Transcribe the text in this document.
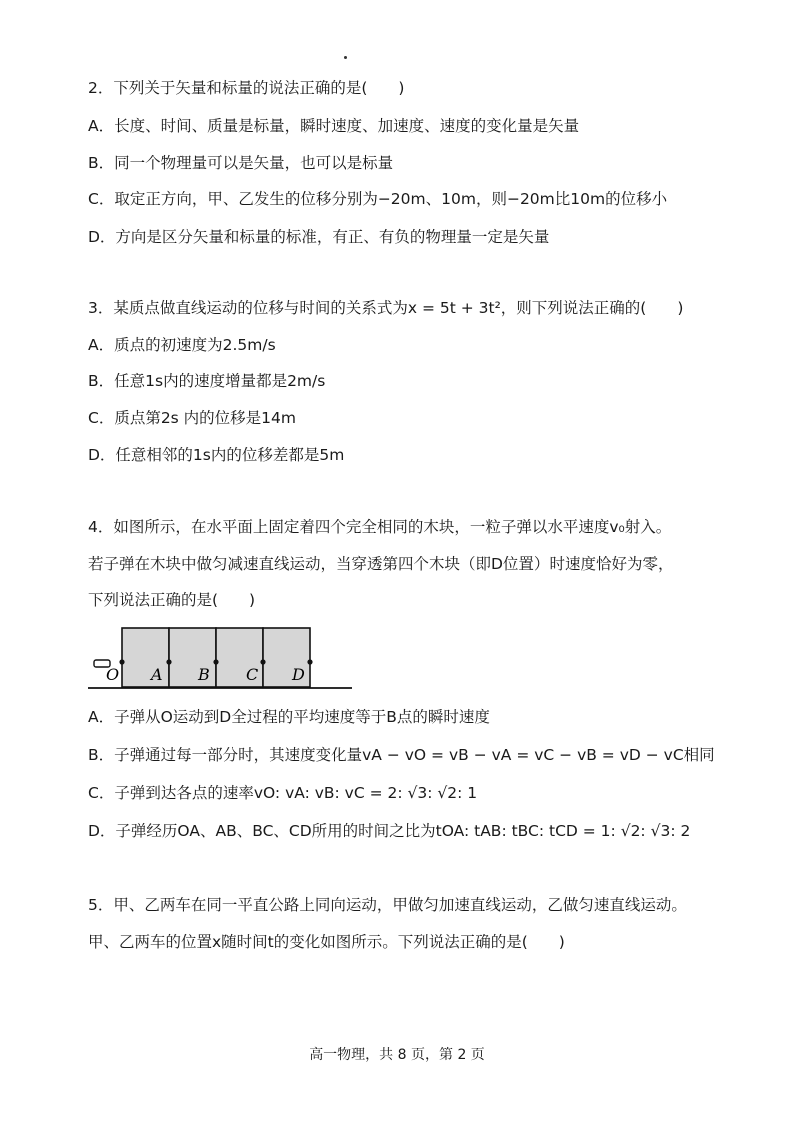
2．下列关于矢量和标量的说法正确的是(　　)
A．长度、时间、质量是标量，瞬时速度、加速度、速度的变化量是矢量
B．同一个物理量可以是矢量，也可以是标量
C．取定正方向，甲、乙发生的位移分别为−20m、10m，则−20m比10m的位移小
D．方向是区分矢量和标量的标准，有正、有负的物理量一定是矢量
3．某质点做直线运动的位移与时间的关系式为x = 5t + 3t²，则下列说法正确的(　　)
A．质点的初速度为2.5m/s
B．任意1s内的速度增量都是2m/s
C．质点第2s 内的位移是14m
D．任意相邻的1s内的位移差都是5m
4．如图所示，在水平面上固定着四个完全相同的木块，一粒子弹以水平速度v₀射入。
若子弹在木块中做匀减速直线运动，当穿透第四个木块（即D位置）时速度恰好为零，
下列说法正确的是(　　)
O A B C D
A．子弹从O运动到D全过程的平均速度等于B点的瞬时速度
B．子弹通过每一部分时，其速度变化量vA − vO = vB − vA = vC − vB = vD − vC相同
C．子弹到达各点的速率vO: vA: vB: vC = 2: √3: √2: 1
D．子弹经历OA、AB、BC、CD所用的时间之比为tOA: tAB: tBC: tCD = 1: √2: √3: 2
5．甲、乙两车在同一平直公路上同向运动，甲做匀加速直线运动，乙做匀速直线运动。
甲、乙两车的位置x随时间t的变化如图所示。下列说法正确的是(　　)
高一物理，共 8 页，第 2 页
